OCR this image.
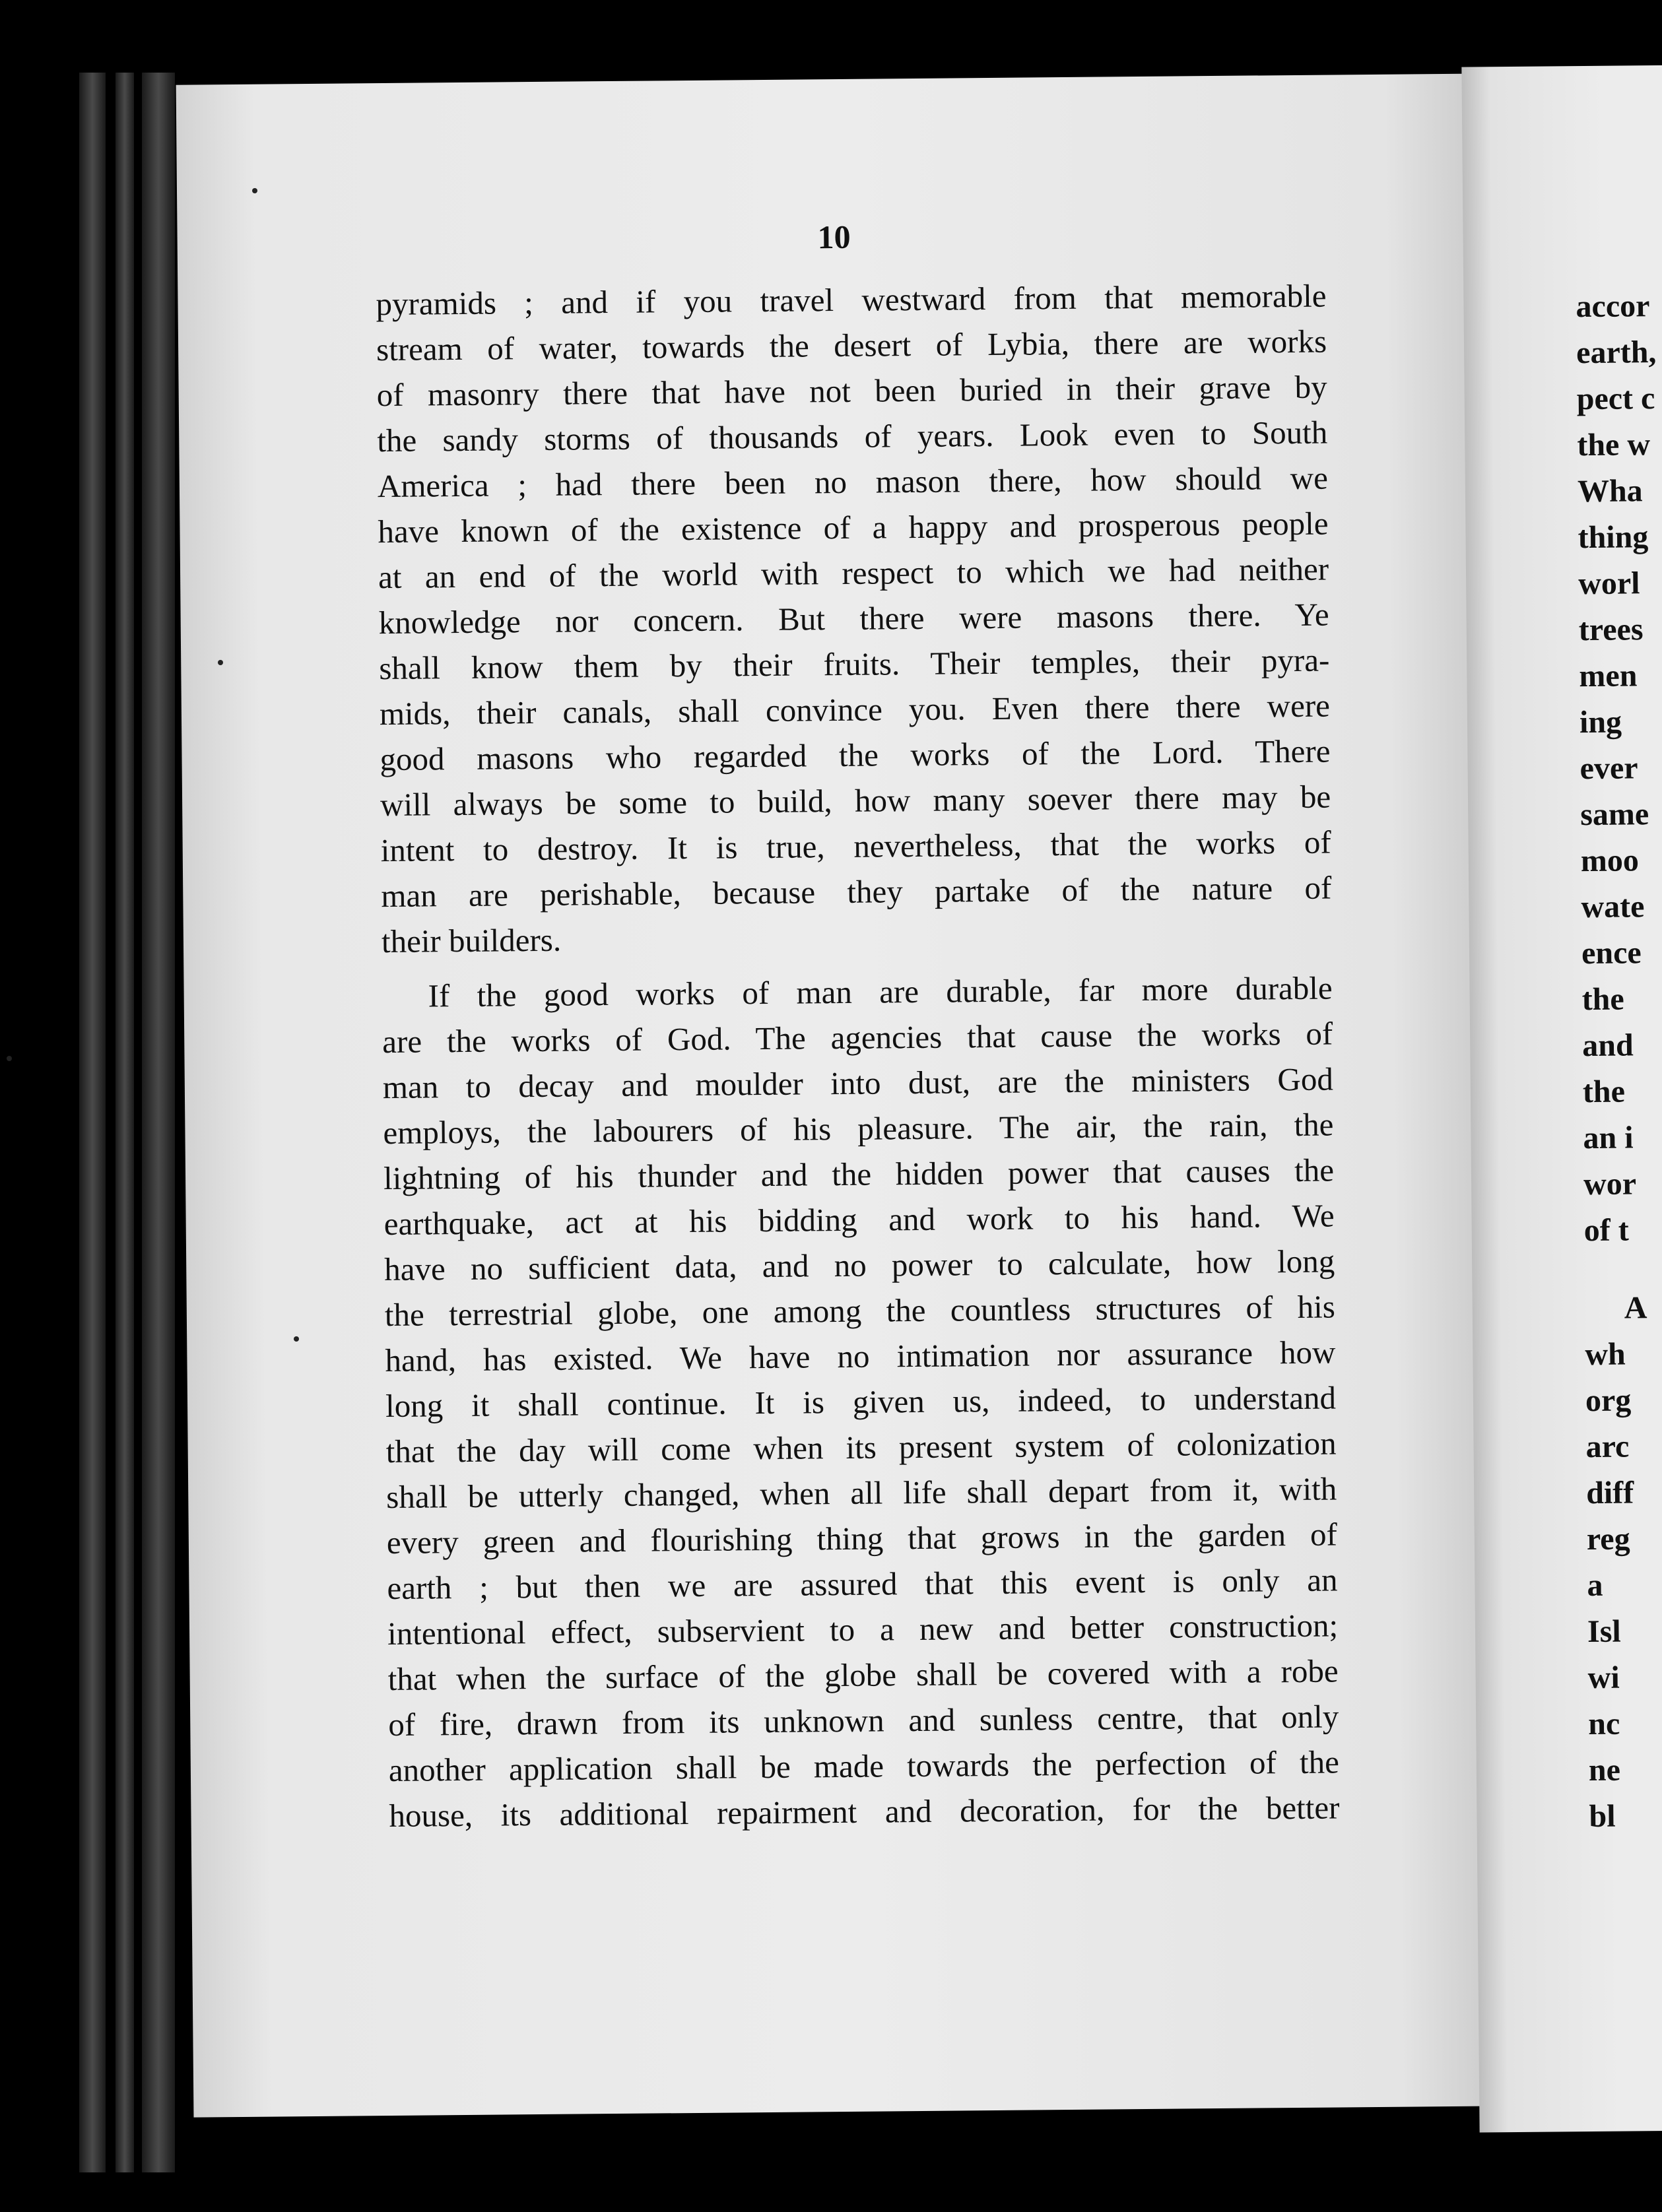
10
pyramids ; and if you travel westward from that memorable
stream of water, towards the desert of Lybia, there are works
of masonry there that have not been buried in their grave by
the sandy storms of thousands of years. Look even to South
America ; had there been no mason there, how should we
have known of the existence of a happy and prosperous people
at an end of the world with respect to which we had neither
knowledge nor concern. But there were masons there. Ye
shall know them by their fruits. Their temples, their pyra-
mids, their canals, shall convince you. Even there there were
good masons who regarded the works of the Lord. There
will always be some to build, how many soever there may be
intent to destroy. It is true, nevertheless, that the works of
man are perishable, because they partake of the nature of
their builders.
If the good works of man are durable, far more durable
are the works of God. The agencies that cause the works of
man to decay and moulder into dust, are the ministers God
employs, the labourers of his pleasure. The air, the rain, the
lightning of his thunder and the hidden power that causes the
earthquake, act at his bidding and work to his hand. We
have no sufficient data, and no power to calculate, how long
the terrestrial globe, one among the countless structures of his
hand, has existed. We have no intimation nor assurance how
long it shall continue. It is given us, indeed, to understand
that the day will come when its present system of colonization
shall be utterly changed, when all life shall depart from it, with
every green and flourishing thing that grows in the garden of
earth ; but then we are assured that this event is only an
intentional effect, subservient to a new and better construction;
that when the surface of the globe shall be covered with a robe
of fire, drawn from its unknown and sunless centre, that only
another application shall be made towards the perfection of the
house, its additional repairment and decoration, for the better
accor
earth,
pect c
the w
Wha
thing
worl
trees
men
ing
ever
same
moo
wate
ence
the
and
the
an i
wor
of t
A
wh
org
arc
diff
reg
a
Isl
wi
nc
ne
bl
